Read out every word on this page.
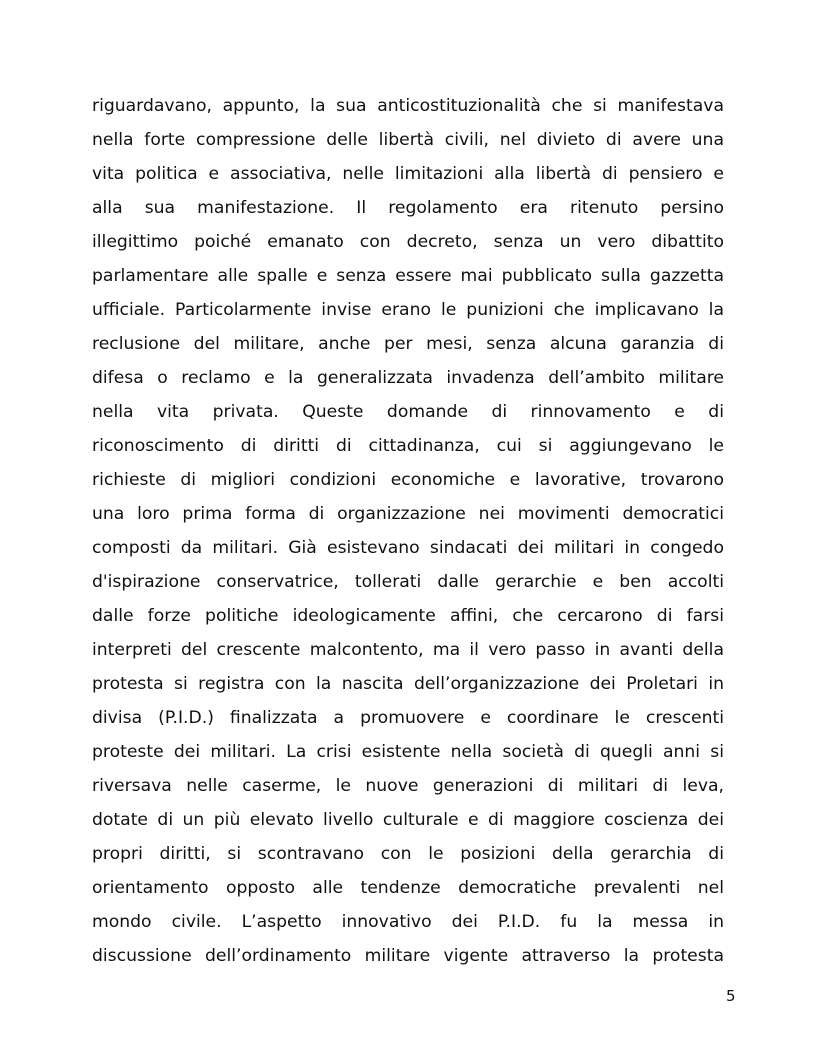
riguardavano, appunto, la sua anticostituzionalità che si manifestava
nella forte compressione delle libertà civili, nel divieto di avere una
vita politica e associativa, nelle limitazioni alla libertà di pensiero e
alla sua manifestazione. Il regolamento era ritenuto persino
illegittimo poiché emanato con decreto, senza un vero dibattito
parlamentare alle spalle e senza essere mai pubblicato sulla gazzetta
ufficiale. Particolarmente invise erano le punizioni che implicavano la
reclusione del militare, anche per mesi, senza alcuna garanzia di
difesa o reclamo e la generalizzata invadenza dell’ambito militare
nella vita privata. Queste domande di rinnovamento e di
riconoscimento di diritti di cittadinanza, cui si aggiungevano le
richieste di migliori condizioni economiche e lavorative, trovarono
una loro prima forma di organizzazione nei movimenti democratici
composti da militari. Già esistevano sindacati dei militari in congedo
d'ispirazione conservatrice, tollerati dalle gerarchie e ben accolti
dalle forze politiche ideologicamente affini, che cercarono di farsi
interpreti del crescente malcontento, ma il vero passo in avanti della
protesta si registra con la nascita dell’organizzazione dei Proletari in
divisa (P.I.D.) finalizzata a promuovere e coordinare le crescenti
proteste dei militari. La crisi esistente nella società di quegli anni si
riversava nelle caserme, le nuove generazioni di militari di leva,
dotate di un più elevato livello culturale e di maggiore coscienza dei
propri diritti, si scontravano con le posizioni della gerarchia di
orientamento opposto alle tendenze democratiche prevalenti nel
mondo civile. L’aspetto innovativo dei P.I.D. fu la messa in
discussione dell’ordinamento militare vigente attraverso la protesta
5
